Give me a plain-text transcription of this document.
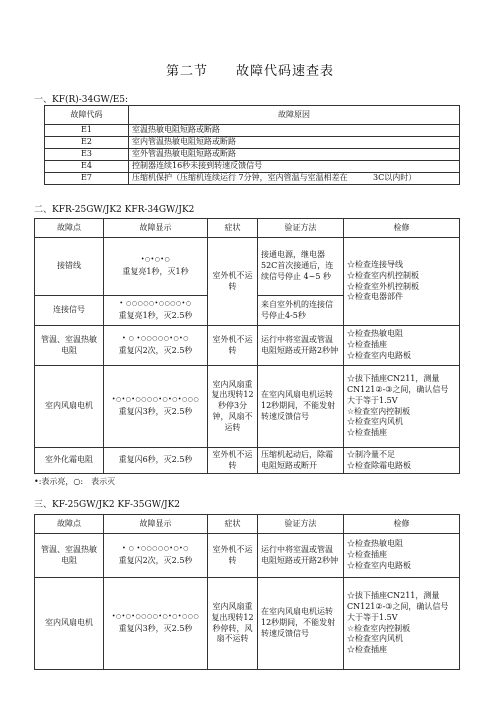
第二节　　故障代码速查表
一、KF(R)-34GW/E5:
故障代码	故障原因
E1	室温热敏电阻短路或断路
E2	室内管温热敏电阻短路或断路
E3	室外管温热敏电阻短路或断路
E4	控制器连续16秒未接到转速反馈信号
E7	压缩机保护（压缩机连续运行 7分钟，室内管温与室温相差在          3C以内时）
二、KFR-25GW/JK2 KFR-34GW/JK2
故障点	故障显示	症状	验证方法	检修
接错线	•○•○•○
重复亮1秒，灭1秒	室外机不运转	接通电源，继电器52C首次接通后，连续信号停止 4~5 秒	☆检查连接导线
☆检查室内机控制板
☆检查室外机控制板
☆检查电器部件
连接信号	• ○○○○○•○○○○•○
重复亮1秒，灭2.5秒		来自室外机的连接信号停止4-5秒	
管温、室温热敏电阻	• ○ •○○○○○•○•○
重复闪2次，灭2.5秒	室外机不运转	运行中将室温或管温电阻短路或开路2秒钟	☆检查热敏电阻
☆检查插座
☆检查室内电路板
室内风扇电机	•○•○•○○○○•○•○•○○○
重复闪3秒，灭2.5秒	室内风扇重复出现转12秒停3分钟，风扇不运转	在室内风扇电机运转12秒期间，不能发射转速反馈信号	☆拔下插座CN211，测量CN121②-③之间，确认信号大于等于1.5V
☆检查室内控制板
☆检查室内风机
☆检查插座
室外化霜电阻	重复闪6秒，灭2.5秒	室外机不运转	压缩机起动后，除霜电阻短路或断开	☆制冷量不足
☆检查除霜电路板
•:表示亮，○:　表示灭
三、KF-25GW/JK2 KF-35GW/JK2
故障点	故障显示	症状	验证方法	检修
管温、室温热敏电阻	• ○ •○○○○○•○•○
重复闪2次，灭2.5秒	室外机不运转	运行中将室温或管温电阻短路或开路2秒钟	☆检查热敏电阻
☆检查插座
☆检查室内电路板
室内风扇电机	•○•○•○○○○•○•○•○○○
重复闪3秒，灭2.5秒	室内风扇重复出现转12秒停转，风扇不运转	在室内风扇电机运转12秒期间，不能发射转速反馈信号	☆拔下插座CN211，测量CN121②-③之间，确认信号大于等于1.5V
☆检查室内控制板
☆检查室内风机
☆检查插座
